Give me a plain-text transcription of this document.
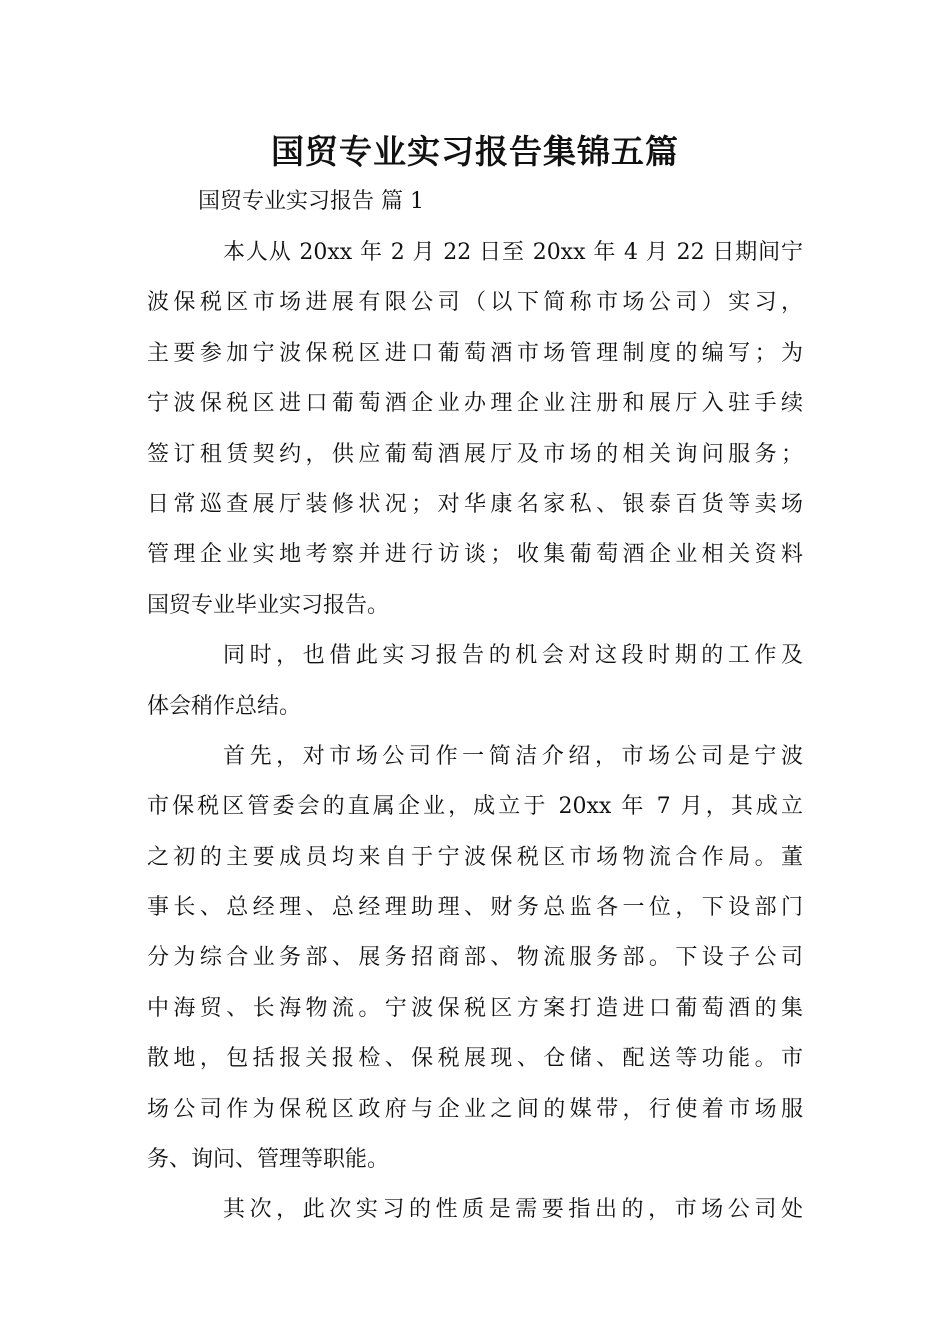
国贸专业实习报告集锦五篇

国贸专业实习报告 篇 1

本人从 20xx 年 2 月 22 日至 20xx 年 4 月 22 日期间宁

波保税区市场进展有限公司（以下简称市场公司）实习，

主要参加宁波保税区进口葡萄酒市场管理制度的编写；为

宁波保税区进口葡萄酒企业办理企业注册和展厅入驻手续

签订租赁契约，供应葡萄酒展厅及市场的相关询问服务；

日常巡查展厅装修状况；对华康名家私、银泰百货等卖场

管理企业实地考察并进行访谈；收集葡萄酒企业相关资料

国贸专业毕业实习报告。

同时，也借此实习报告的机会对这段时期的工作及

体会稍作总结。

首先，对市场公司作一简洁介绍，市场公司是宁波

市保税区管委会的直属企业，成立于 20xx 年 7 月，其成立

之初的主要成员均来自于宁波保税区市场物流合作局。董

事长、总经理、总经理助理、财务总监各一位，下设部门

分为综合业务部、展务招商部、物流服务部。下设子公司

中海贸、长海物流。宁波保税区方案打造进口葡萄酒的集

散地，包括报关报检、保税展现、仓储、配送等功能。市

场公司作为保税区政府与企业之间的媒带，行使着市场服

务、询问、管理等职能。

其次，此次实习的性质是需要指出的，市场公司处
